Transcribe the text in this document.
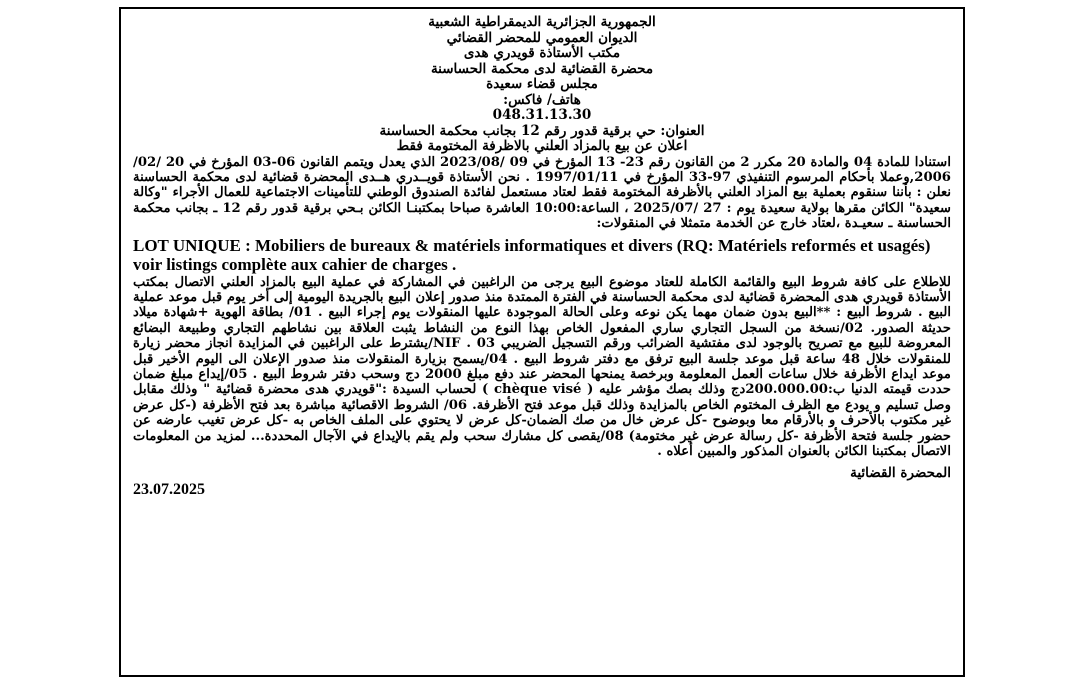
الجمهورية الجزائرية الديمقراطية الشعبية
الديوان العمومي للمحضر القضائي
مكتب الأستاذة قويدري هدى
محضرة القضائية لدى محكمة الحساسنة
مجلس قضاء سعيدة
هاتف/ فاكس:
048.31.13.30
العنوان: حي برقية قدور رقم 12 بجانب محكمة الحساسنة
اعلان عن بيع بالمزاد العلني بالاظرفة المختومة فقط

استنادا للمادة 04 والمادة 20 مكرر 2 من القانون رقم 23- 13 المؤرخ في 09 /2023/08 الذي يعدل ويتمم القانون 06-03 المؤرخ في 20 /02/ 2006,وعملا بأحكام المرسوم التنفيذي 97-33 المؤرخ في 1997/01/11 . نحن الأستاذة قويــدري هــدى المحضرة قضائية لدى محكمة الحساسنة نعلن : بأننا سنقوم بعملية بيع المزاد العلني بالأظرفة المختومة فقط لعتاد مستعمل لفائدة الصندوق الوطني للتأمينات الاجتماعية للعمال الأجراء "وكالة سعيدة" الكائن مقرها بولاية سعيدة يوم : 27 /2025/07 ، الساعة:10:00 العاشرة صباحا بمكتبنـا الكائن بـحي برقية قدور رقم 12 ـ بجانب محكمة الحساسنة ـ سعيـدة ،لعتاد خارج عن الخدمة متمثلا في المنقولات:

LOT UNIQUE : Mobiliers de bureaux & matériels informatiques et divers (RQ: Matériels reformés et usagés) voir listings complète aux cahier de charges .

للاطلاع على كافة شروط البيع والقائمة الكاملة للعتاد موضوع البيع يرجى من الراغبين في المشاركة في عملية البيع بالمزاد العلني الاتصال بمكتب الأستاذة قويدري هدى المحضرة قضائية لدى محكمة الحساسنة في الفترة الممتدة منذ صدور إعلان البيع بالجريدة اليومية إلى أخر يوم قبل موعد عملية البيع . شروط البيع : **البيع بدون ضمان مهما يكن نوعه وعلى الحالة الموجودة عليها المنقولات يوم إجراء البيع . 01/ بطاقة الهوية +شهادة ميلاد حديثة الصدور. 02/نسخة من السجل التجاري ساري المفعول الخاص بهذا النوع من النشاط يثبت العلاقة بين نشاطهم التجاري وطبيعة البضائع المعروضة للبيع مع تصريح بالوجود لدى مفتشية الضرائب ورقم التسجيل الضريبي NIF . 03/يشترط على الراغبين في المزايدة انجاز محضر زيارة للمنقولات خلال 48 ساعة قبل موعد جلسة البيع ترفق مع دفتر شروط البيع . 04/يسمح بزيارة المنقولات منذ صدور الإعلان الى اليوم الأخير قبل موعد ايداع الأظرفة خلال ساعات العمل المعلومة وبرخصة يمنحها المحضر عند دفع مبلغ 2000 دج وسحب دفتر شروط البيع . 05/إيداع مبلغ ضمان حددت قيمته الدنيا ب:200.000.00دج وذلك بصك مؤشر عليه ( chèque visé ) لحساب السيدة :"قويدري هدى محضرة قضائية " وذلك مقابل وصل تسليم و يودع مع الظرف المختوم الخاص بالمزايدة وذلك قبل موعد فتح الأظرفة. 06/ الشروط الاقصائية مباشرة بعد فتح الأظرفة (-كل عرض غير مكتوب بالأحرف و بالأرقام معا وبوضوح -كل عرض خال من صك الضمان-كل عرض لا يحتوي على الملف الخاص به -كل عرض تغيب عارضه عن حضور جلسة فتحة الأظرفة -كل رسالة عرض غير مختومة) 08/يقصى كل مشارك سحب ولم يقم بالإيداع في الآجال المحددة... لمزيد من المعلومات الاتصال بمكتبنا الكائن بالعنوان المذكور والمبين أعلاه .

المحضرة القضائية
23.07.2025
